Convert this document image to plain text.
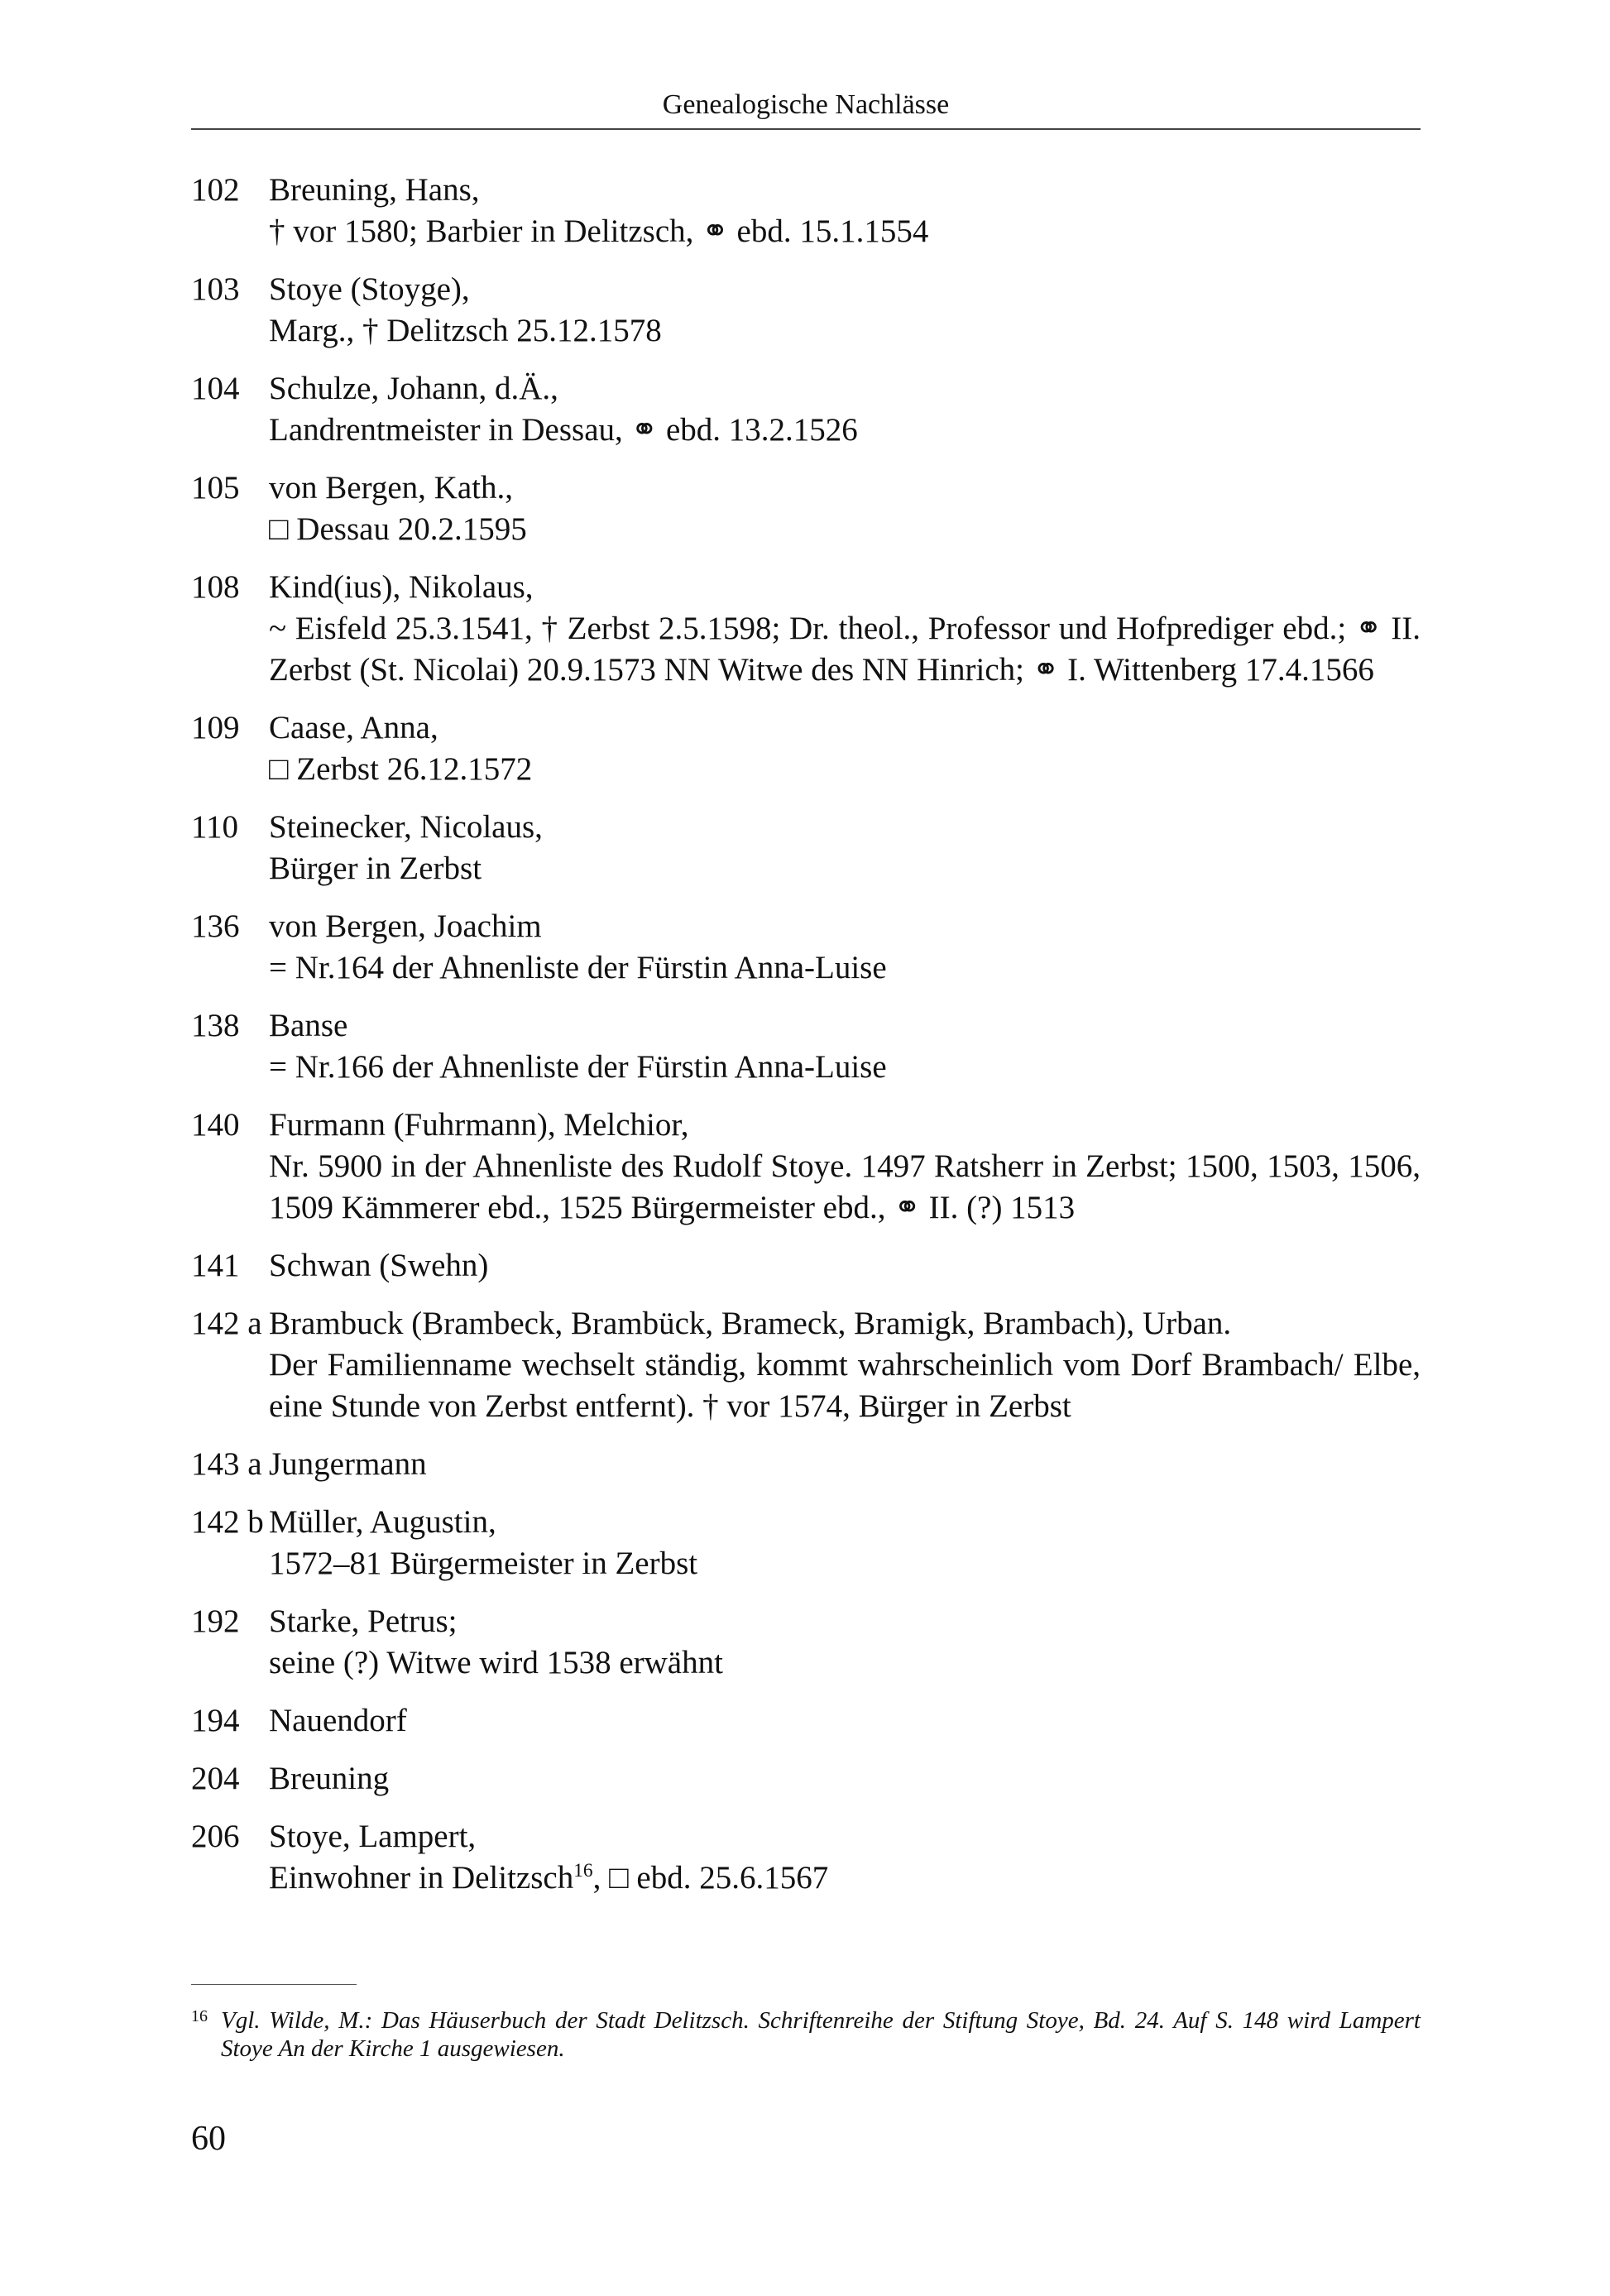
Genealogische Nachlässe
102 Breuning, Hans,
† vor 1580; Barbier in Delitzsch, ⚭ ebd. 15.1.1554
103 Stoye (Stoyge),
Marg., † Delitzsch 25.12.1578
104 Schulze, Johann, d.Ä.,
Landrentmeister in Dessau, ⚭ ebd. 13.2.1526
105 von Bergen, Kath.,
□ Dessau 20.2.1595
108 Kind(ius), Nikolaus,
~ Eisfeld 25.3.1541, † Zerbst 2.5.1598; Dr. theol., Professor und Hofprediger ebd.; ⚭ II. Zerbst (St. Nicolai) 20.9.1573 NN Witwe des NN Hinrich; ⚭ I. Wittenberg 17.4.1566
109 Caase, Anna,
□ Zerbst 26.12.1572
110 Steinecker, Nicolaus,
Bürger in Zerbst
136 von Bergen, Joachim
= Nr.164 der Ahnenliste der Fürstin Anna-Luise
138 Banse
= Nr.166 der Ahnenliste der Fürstin Anna-Luise
140 Furmann (Fuhrmann), Melchior,
Nr. 5900 in der Ahnenliste des Rudolf Stoye. 1497 Ratsherr in Zerbst; 1500, 1503, 1506, 1509 Kämmerer ebd., 1525 Bürgermeister ebd., ⚭ II. (?) 1513
141 Schwan (Swehn)
142 a Brambuck (Brambeck, Brambück, Brameck, Bramigk, Brambach), Urban.
Der Familienname wechselt ständig, kommt wahrscheinlich vom Dorf Brambach/ Elbe, eine Stunde von Zerbst entfernt). † vor 1574, Bürger in Zerbst
143 a Jungermann
142 b Müller, Augustin,
1572–81 Bürgermeister in Zerbst
192 Starke, Petrus;
seine (?) Witwe wird 1538 erwähnt
194 Nauendorf
204 Breuning
206 Stoye, Lampert,
Einwohner in Delitzsch$^{16}$, □ ebd. 25.6.1567
16 Vgl. Wilde, M.: Das Häuserbuch der Stadt Delitzsch. Schriftenreihe der Stiftung Stoye, Bd. 24. Auf S. 148 wird Lampert Stoye An der Kirche 1 ausgewiesen.
60
